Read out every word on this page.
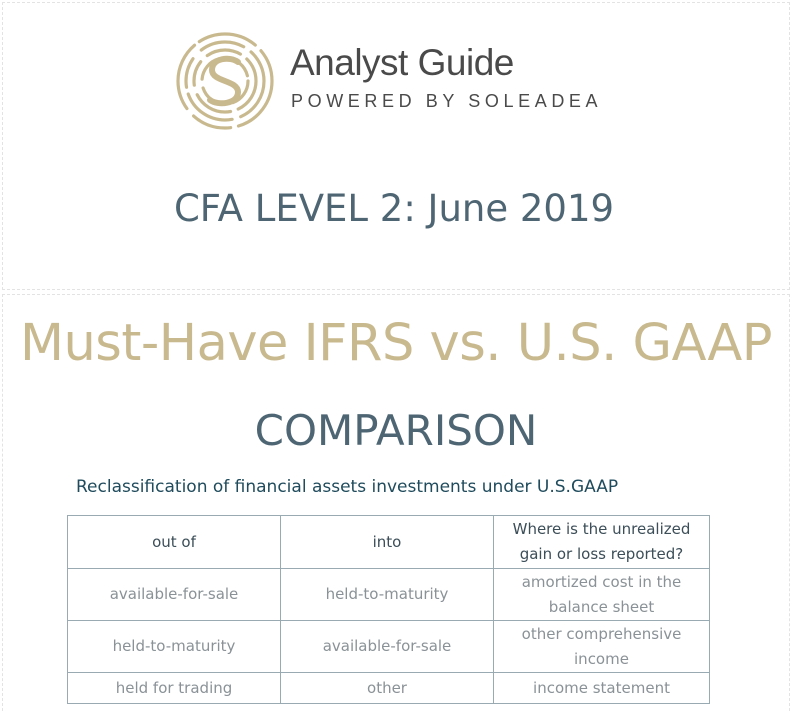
Analyst Guide
POWERED BY SOLEADEA
CFA LEVEL 2: June 2019
Must-Have IFRS vs. U.S. GAAP
COMPARISON
Reclassification of financial assets investments under U.S.GAAP
out of	into	Where is the unrealized gain or loss reported?
available-for-sale	held-to-maturity	amortized cost in the balance sheet
held-to-maturity	available-for-sale	other comprehensive income
held for trading	other	income statement
